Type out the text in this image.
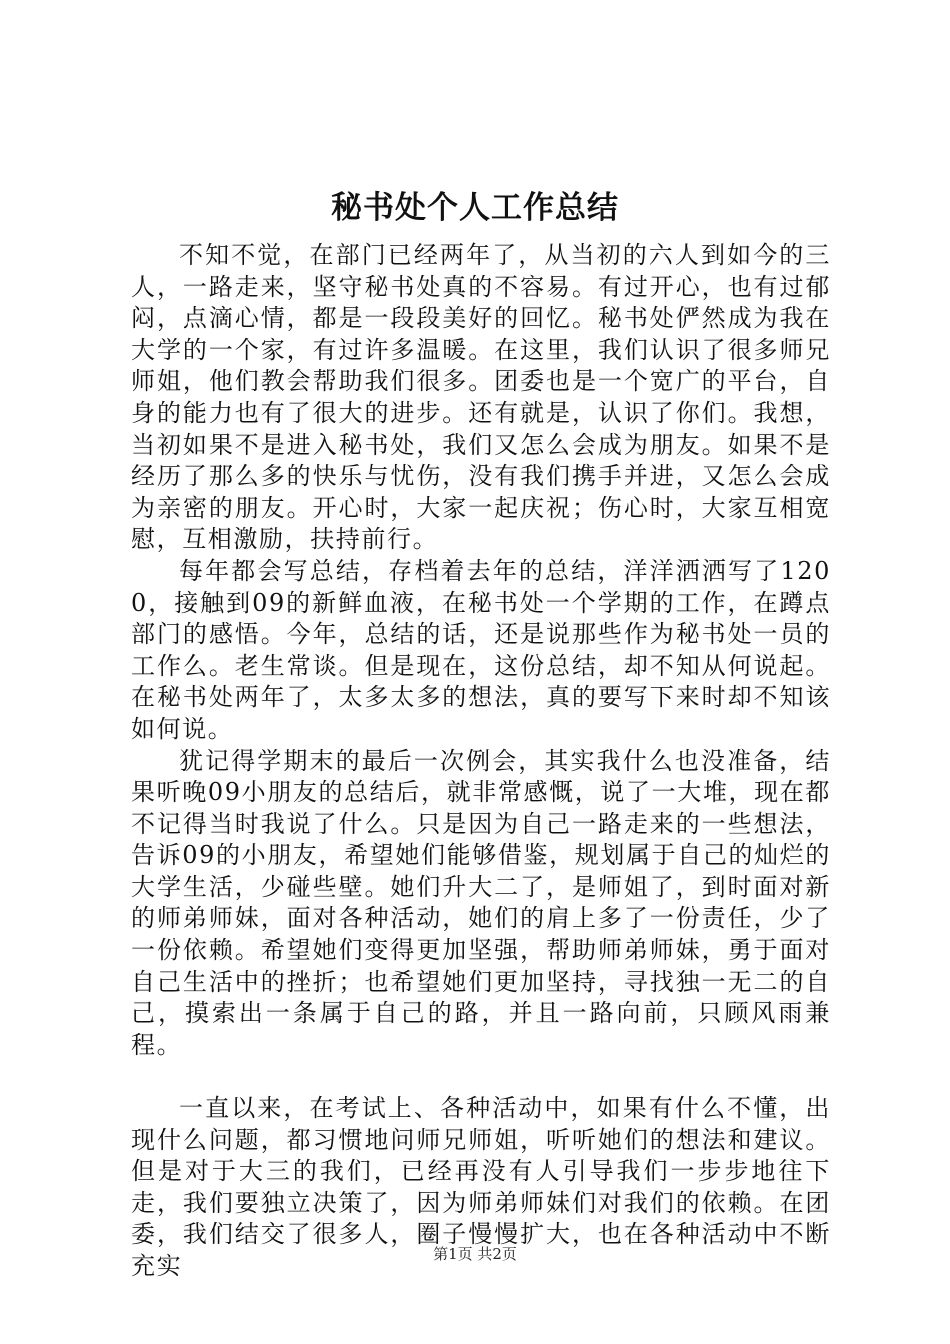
秘书处个人工作总结

不知不觉，在部门已经两年了，从当初的六人到如今的三人，一路走来，坚守秘书处真的不容易。有过开心，也有过郁闷，点滴心情，都是一段段美好的回忆。秘书处俨然成为我在大学的一个家，有过许多温暖。在这里，我们认识了很多师兄师姐，他们教会帮助我们很多。团委也是一个宽广的平台，自身的能力也有了很大的进步。还有就是，认识了你们。我想，当初如果不是进入秘书处，我们又怎么会成为朋友。如果不是经历了那么多的快乐与忧伤，没有我们携手并进，又怎么会成为亲密的朋友。开心时，大家一起庆祝；伤心时，大家互相宽慰，互相激励，扶持前行。

每年都会写总结，存档着去年的总结，洋洋洒洒写了1200，接触到09的新鲜血液，在秘书处一个学期的工作，在蹲点部门的感悟。今年，总结的话，还是说那些作为秘书处一员的工作么。老生常谈。但是现在，这份总结，却不知从何说起。在秘书处两年了，太多太多的想法，真的要写下来时却不知该如何说。

犹记得学期末的最后一次例会，其实我什么也没准备，结果听晚09小朋友的总结后，就非常感慨，说了一大堆，现在都不记得当时我说了什么。只是因为自己一路走来的一些想法，告诉09的小朋友，希望她们能够借鉴，规划属于自己的灿烂的大学生活，少碰些壁。她们升大二了，是师姐了，到时面对新的师弟师妹，面对各种活动，她们的肩上多了一份责任，少了一份依赖。希望她们变得更加坚强，帮助师弟师妹，勇于面对自己生活中的挫折；也希望她们更加坚持，寻找独一无二的自己，摸索出一条属于自己的路，并且一路向前，只顾风雨兼程。

一直以来，在考试上、各种活动中，如果有什么不懂，出现什么问题，都习惯地问师兄师姐，听听她们的想法和建议。但是对于大三的我们，已经再没有人引导我们一步步地往下走，我们要独立决策了，因为师弟师妹们对我们的依赖。在团委，我们结交了很多人，圈子慢慢扩大，也在各种活动中不断充实	第1页 共2页
